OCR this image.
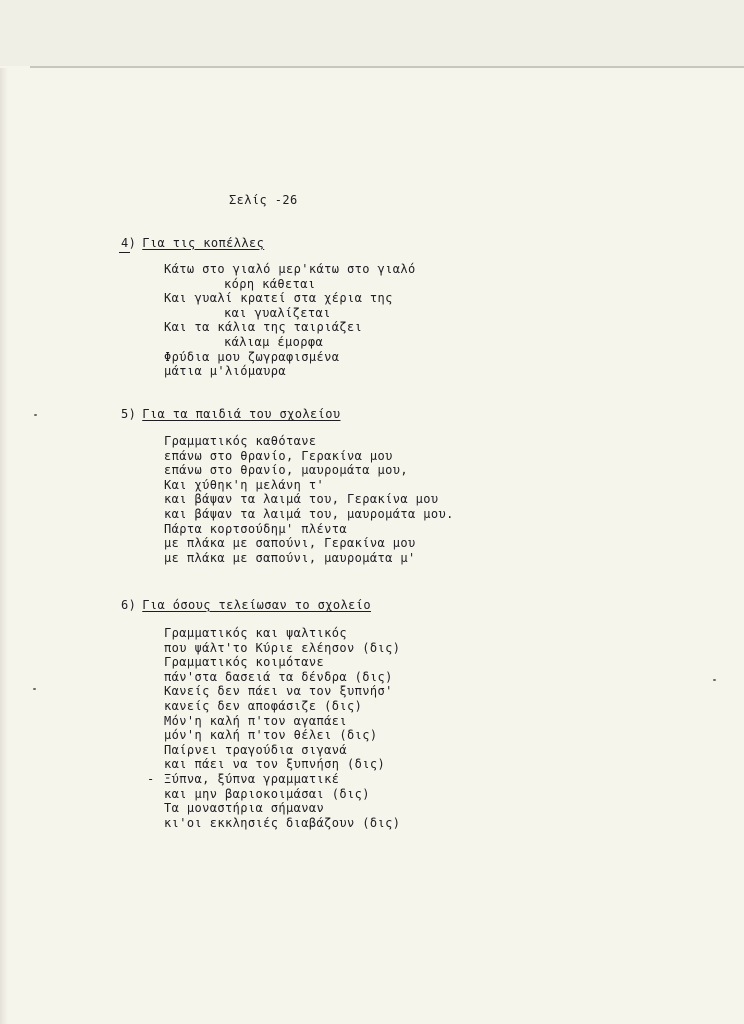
Σελίς -26
4) Για τις κοπέλλες
Κάτω στο γιαλό μερ'κάτω στο γιαλό
κόρη κάθεται
Και γυαλί κρατεί στα χέρια της
και γυαλίζεται
Και τα κάλια της ταιριάζει
κάλιαμ έμορφα
Φρύδια μου ζωγραφισμένα
μάτια μ'λιόμαυρα
5) Για τα παιδιά του σχολείου
Γραμματικός καθότανε
επάνω στο θρανίο, Γερακίνα μου
επάνω στο θρανίο, μαυρομάτα μου,
Και χύθηκ'η μελάνη τ'
και βάψαν τα λαιμά του, Γερακίνα μου
και βάψαν τα λαιμά του, μαυρομάτα μου.
Πάρτα κορτσούδημ' πλέντα
με πλάκα με σαπούνι, Γερακίνα μου
με πλάκα με σαπούνι, μαυρομάτα μ'
6) Για όσους τελείωσαν το σχολείο
Γραμματικός και ψαλτικός
που ψάλτ'το Κύριε ελέησον (δις)
Γραμματικός κοιμότανε
πάν'στα δασειά τα δένδρα (δις)
Κανείς δεν πάει να τον ξυπνήσ'
κανείς δεν αποφάσιζε (δις)
Μόν'η καλή π'τον αγαπάει
μόν'η καλή π'τον θέλει (δις)
Παίρνει τραγούδια σιγανά
και πάει να τον ξυπνήση (δις)
- Ξύπνα, ξύπνα γραμματικέ
και μην βαριοκοιμάσαι (δις)
Τα μοναστήρια σήμαναν
κι'οι εκκλησιές διαβάζουν (δις)
